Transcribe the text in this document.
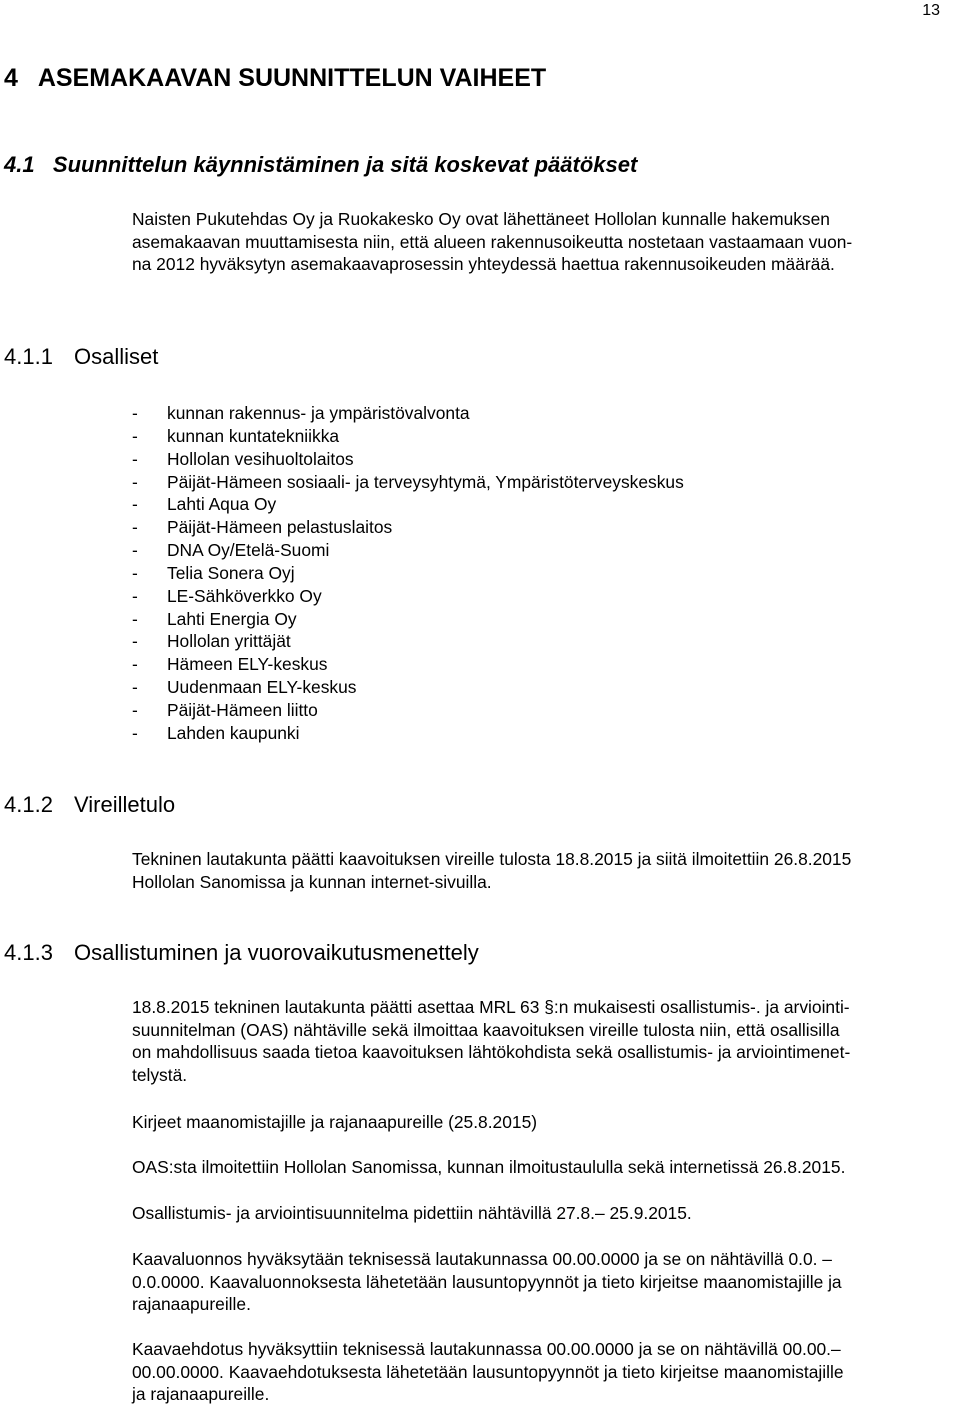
13
4   ASEMAKAAVAN SUUNNITTELUN VAIHEET
4.1   Suunnittelun käynnistäminen ja sitä koskevat päätökset
Naisten Pukutehdas Oy ja Ruokakesko Oy ovat lähettäneet Hollolan kunnalle hakemuksen
asemakaavan muuttamisesta niin, että alueen rakennusoikeutta nostetaan vastaamaan vuon-
na 2012 hyväksytyn asemakaavaprosessin yhteydessä haettua rakennusoikeuden määrää.
4.1.1 Osalliset
- kunnan rakennus- ja ympäristövalvonta
- kunnan kuntatekniikka
- Hollolan vesihuoltolaitos
- Päijät-Hämeen sosiaali- ja terveysyhtymä, Ympäristöterveyskeskus
- Lahti Aqua Oy
- Päijät-Hämeen pelastuslaitos
- DNA Oy/Etelä-Suomi
- Telia Sonera Oyj
- LE-Sähköverkko Oy
- Lahti Energia Oy
- Hollolan yrittäjät
- Hämeen ELY-keskus
- Uudenmaan ELY-keskus
- Päijät-Hämeen liitto
- Lahden kaupunki
4.1.2 Vireilletulo
Tekninen lautakunta päätti kaavoituksen vireille tulosta 18.8.2015 ja siitä ilmoitettiin 26.8.2015
Hollolan Sanomissa ja kunnan internet-sivuilla.
4.1.3 Osallistuminen ja vuorovaikutusmenettely
18.8.2015 tekninen lautakunta päätti asettaa MRL 63 §:n mukaisesti osallistumis-. ja arviointi-
suunnitelman (OAS) nähtäville sekä ilmoittaa kaavoituksen vireille tulosta niin, että osallisilla
on mahdollisuus saada tietoa kaavoituksen lähtökohdista sekä osallistumis- ja arviointimenet-
telystä.
Kirjeet maanomistajille ja rajanaapureille (25.8.2015)
OAS:sta ilmoitettiin Hollolan Sanomissa, kunnan ilmoitustaululla sekä internetissä 26.8.2015.
Osallistumis- ja arviointisuunnitelma pidettiin nähtävillä 27.8.– 25.9.2015.
Kaavaluonnos hyväksytään teknisessä lautakunnassa 00.00.0000 ja se on nähtävillä 0.0. –
0.0.0000. Kaavaluonnoksesta lähetetään lausuntopyynnöt ja tieto kirjeitse maanomistajille ja
rajanaapureille.
Kaavaehdotus hyväksyttiin teknisessä lautakunnassa 00.00.0000 ja se on nähtävillä 00.00.–
00.00.0000. Kaavaehdotuksesta lähetetään lausuntopyynnöt ja tieto kirjeitse maanomistajille
ja rajanaapureille.
